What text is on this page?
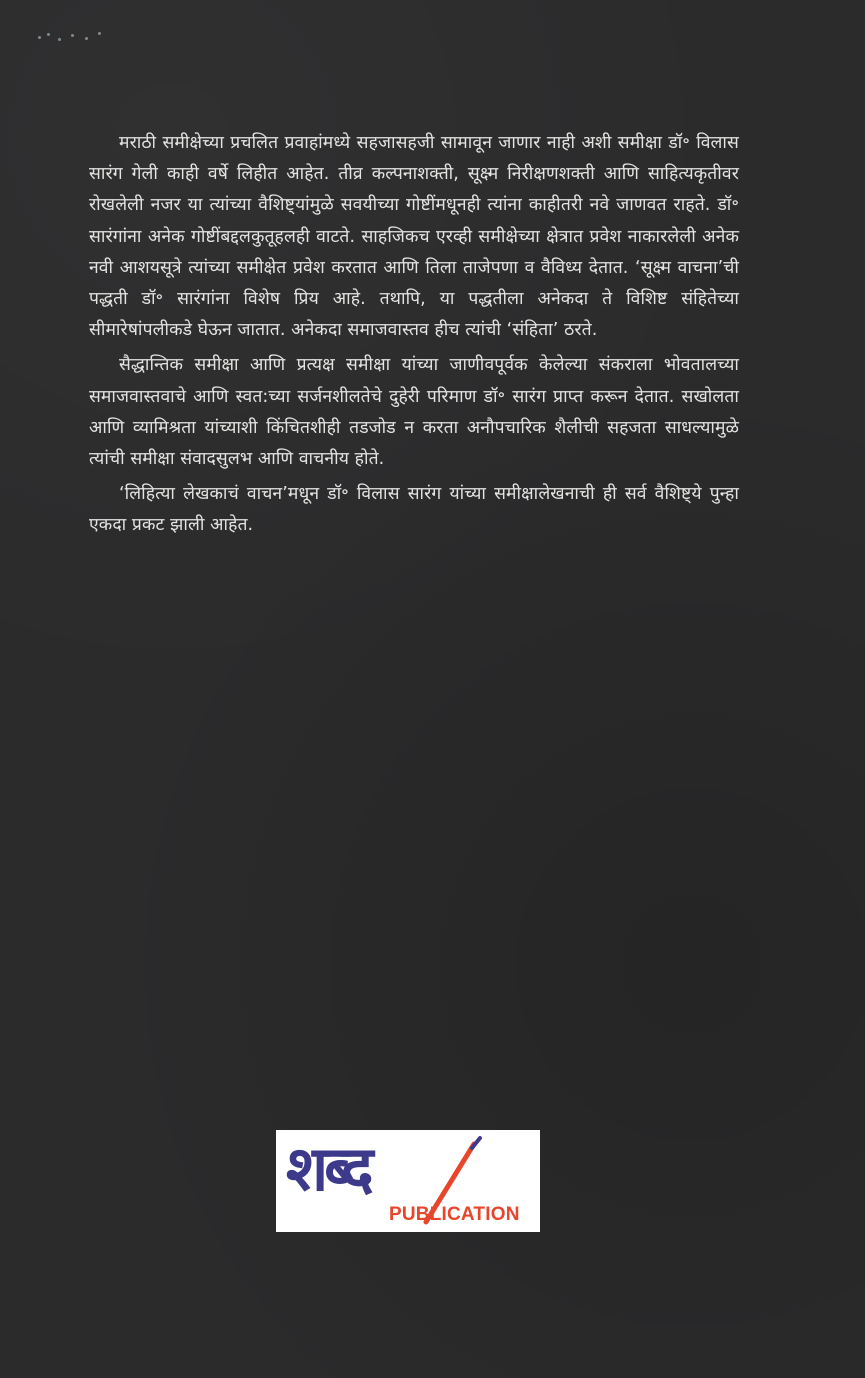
मराठी समीक्षेच्या प्रचलित प्रवाहांमध्ये सहजासहजी सामावून जाणार नाही अशी समीक्षा डॉ॰ विलास सारंग गेली काही वर्षे लिहीत आहेत. तीव्र कल्पनाशक्ती, सूक्ष्म निरीक्षणशक्ती आणि साहित्यकृतीवर रोखलेली नजर या त्यांच्या वैशिष्ट्यांमुळे सवयीच्या गोष्टींमधूनही त्यांना काहीतरी नवे जाणवत राहते. डॉ॰ सारंगांना अनेक गोष्टींबद्दलकुतूहलही वाटते. साहजिकच एरव्ही समीक्षेच्या क्षेत्रात प्रवेश नाकारलेली अनेक नवी आशयसूत्रे त्यांच्या समीक्षेत प्रवेश करतात आणि तिला ताजेपणा व वैविध्य देतात. ‘सूक्ष्म वाचना’ची पद्धती डॉ॰ सारंगांना विशेष प्रिय आहे. तथापि, या पद्धतीला अनेकदा ते विशिष्ट संहितेच्या सीमारेषांपलीकडे घेऊन जातात. अनेकदा समाजवास्तव हीच त्यांची ‘संहिता’ ठरते.

सैद्धान्तिक समीक्षा आणि प्रत्यक्ष समीक्षा यांच्या जाणीवपूर्वक केलेल्या संकराला भोवतालच्या समाजवास्तवाचे आणि स्वत:च्या सर्जनशीलतेचे दुहेरी परिमाण डॉ॰ सारंग प्राप्त करून देतात. सखोलता आणि व्यामिश्रता यांच्याशी किंचितशीही तडजोड न करता अनौपचारिक शैलीची सहजता साधल्यामुळे त्यांची समीक्षा संवादसुलभ आणि वाचनीय होते.

‘लिहित्या लेखकाचं वाचन’मधून डॉ॰ विलास सारंग यांच्या समीक्षालेखनाची ही सर्व वैशिष्ट्ये पुन्हा एकदा प्रकट झाली आहेत.

शब्द
PUBLICATION
